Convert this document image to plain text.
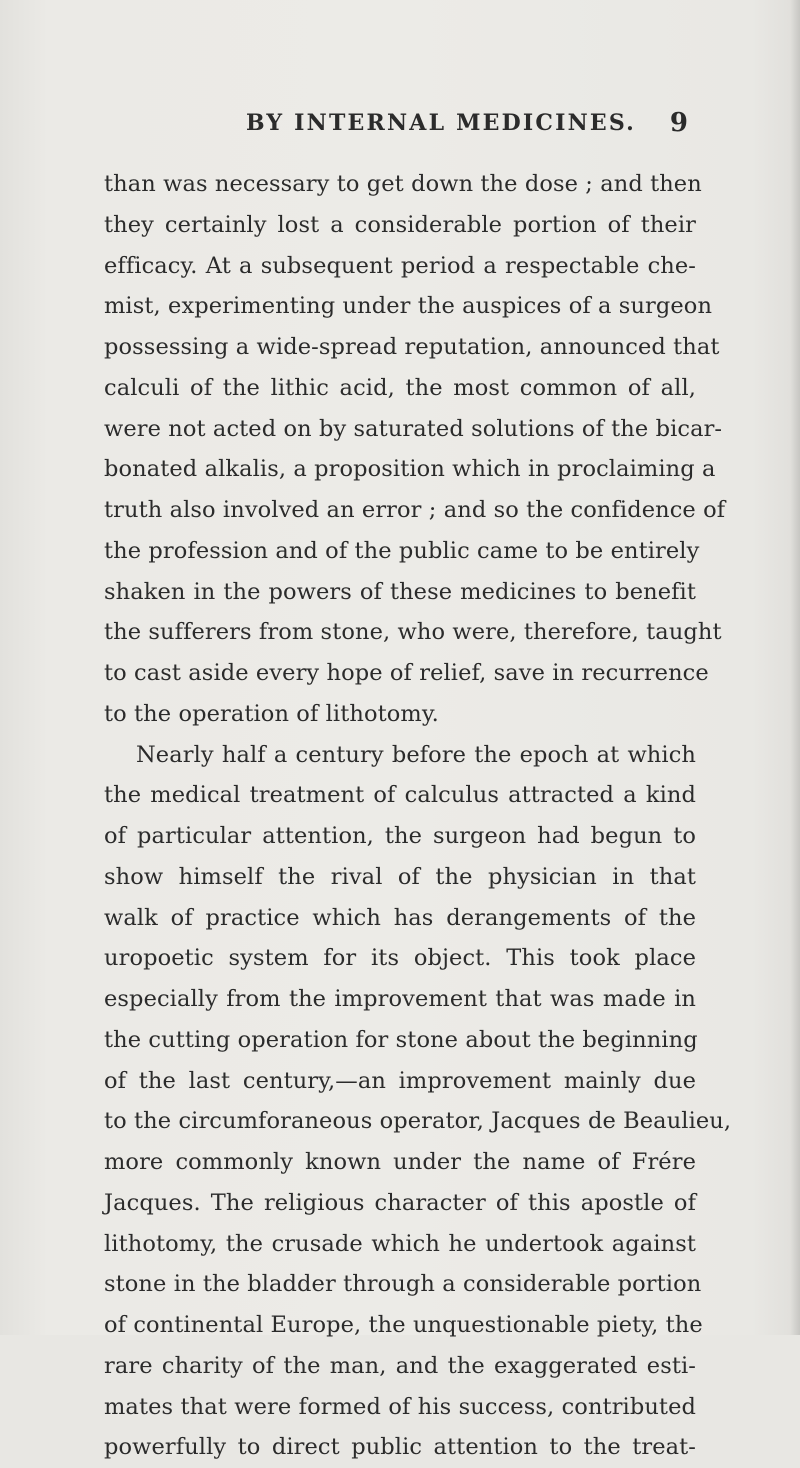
BY INTERNAL MEDICINES. 9
than was necessary to get down the dose ; and then
they certainly lost a considerable portion of their
efficacy. At a subsequent period a respectable che-
mist, experimenting under the auspices of a surgeon
possessing a wide-spread reputation, announced that
calculi of the lithic acid, the most common of all,
were not acted on by saturated solutions of the bicar-
bonated alkalis, a proposition which in proclaiming a
truth also involved an error ; and so the confidence of
the profession and of the public came to be entirely
shaken in the powers of these medicines to benefit
the sufferers from stone, who were, therefore, taught
to cast aside every hope of relief, save in recurrence
to the operation of lithotomy.
Nearly half a century before the epoch at which
the medical treatment of calculus attracted a kind
of particular attention, the surgeon had begun to
show himself the rival of the physician in that
walk of practice which has derangements of the
uropoetic system for its object. This took place
especially from the improvement that was made in
the cutting operation for stone about the beginning
of the last century,—an improvement mainly due
to the circumforaneous operator, Jacques de Beaulieu,
more commonly known under the name of Frére
Jacques. The religious character of this apostle of
lithotomy, the crusade which he undertook against
stone in the bladder through a considerable portion
of continental Europe, the unquestionable piety, the
rare charity of the man, and the exaggerated esti-
mates that were formed of his success, contributed
powerfully to direct public attention to the treat-
